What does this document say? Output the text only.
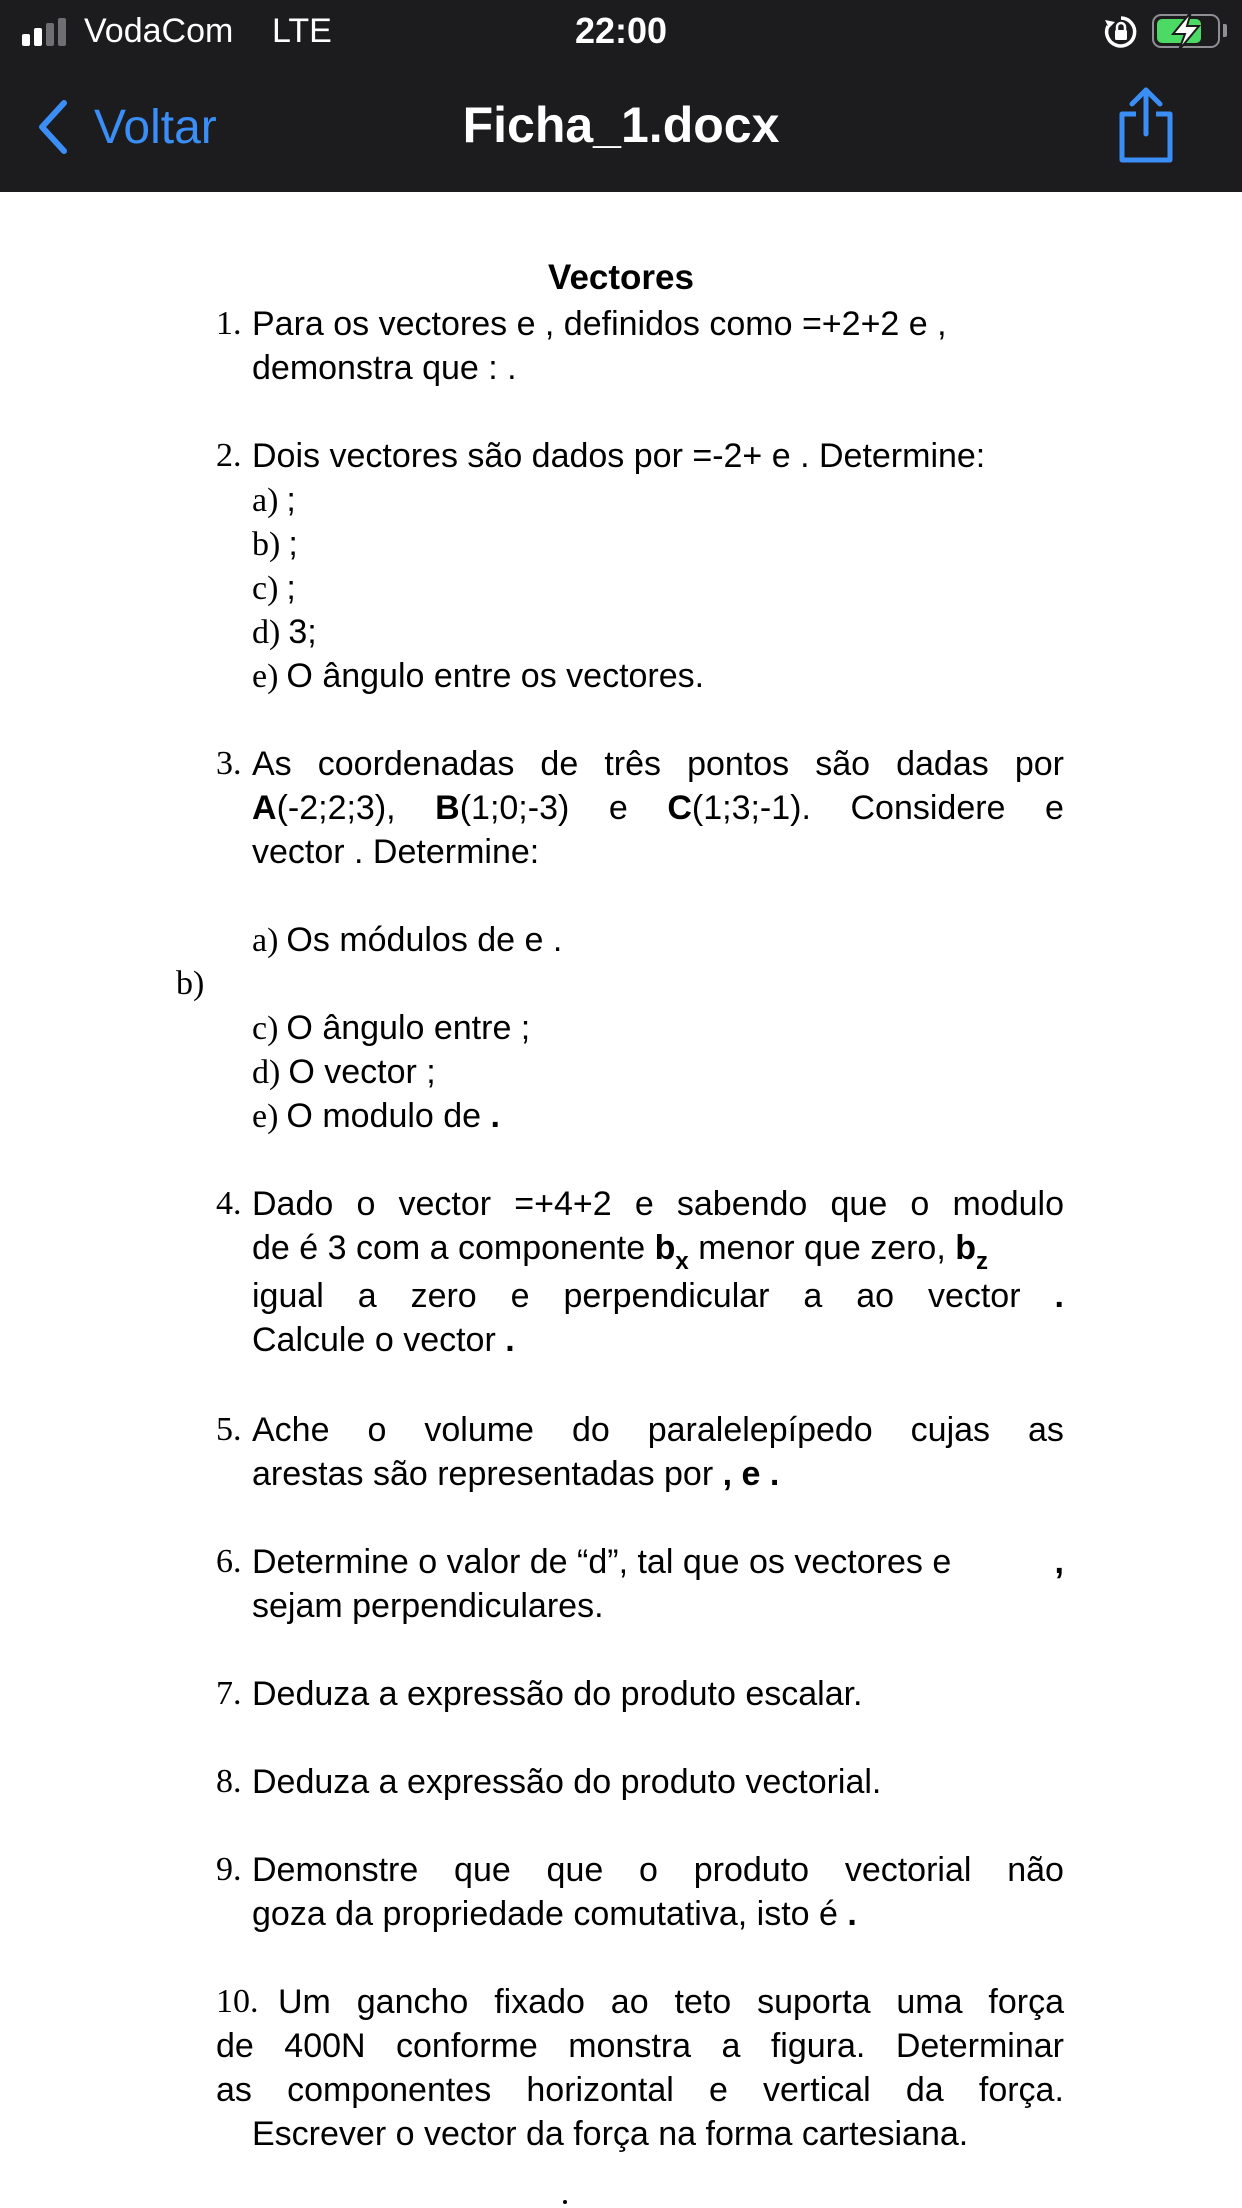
VodaCom LTE	22:00
Voltar	Ficha_1.docx
Vectores
1. Para os vectores e , definidos como =+2+2 e ,
demonstra que : .
2. Dois vectores são dados por =-2+ e . Determine:
a) ;
b) ;
c) ;
d) 3;
e) O ângulo entre os vectores.
3. As coordenadas de três pontos são dadas por
A(-2;2;3), B(1;0;-3) e C(1;3;-1). Considere e
vector . Determine:
a) Os módulos de e .
b)
c) O ângulo entre ;
d) O vector ;
e) O modulo de .
4. Dado o vector =+4+2 e sabendo que o modulo
de é 3 com a componente $b_x$ menor que zero, $b_z$
igual a zero e perpendicular a ao vector .
Calcule o vector .
5. Ache o volume do paralelepípedo cujas as
arestas são representadas por , e .
6. Determine o valor de “d”, tal que os vectores e	,
sejam perpendiculares.
7. Deduza a expressão do produto escalar.
8. Deduza a expressão do produto vectorial.
9. Demonstre que que o produto vectorial não
goza da propriedade comutativa, isto é .
10. Um gancho fixado ao teto suporta uma força
de 400N conforme monstra a figura. Determinar
as componentes horizontal e vertical da força.
Escrever o vector da força na forma cartesiana.
